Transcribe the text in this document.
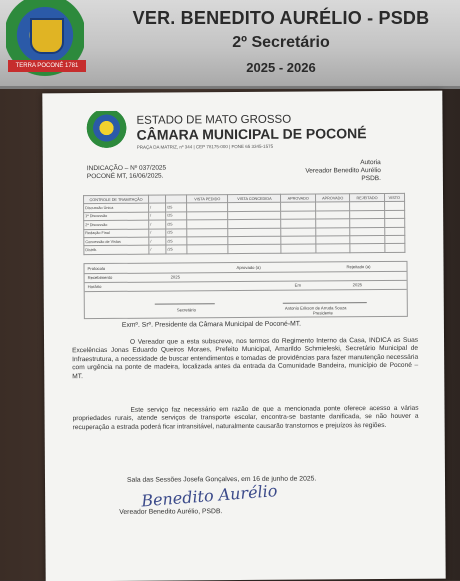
TERRA POCONÉ 1781
VER. BENEDITO AURÉLIO - PSDB
2º Secretário
2025 - 2026
ESTADO DE MATO GROSSO
CÂMARA MUNICIPAL DE POCONÉ
PRAÇA DA MATRIZ, nº 344 | CEP 78175-000 | FONE 65 3345-1575
INDICAÇÃO – Nº 037/2025
POCONÉ MT, 16/06/2025.
Autoria
Vereador Benedito Aurélio
PSDB.
CONTROLE DE TRAMITAÇÃO			VISTA PEDIDO	VISTA CONCEDIDA	APROVADO	APROVADO	REJEITADO	VISTO
Discussão Única	/	/25						
1ª Discussão	/	/25						
2ª Discussão	/	/25						
Redação Final	/	/25						
Concessão de Vistas	/	/25						
Distrib.	/	/25						
Protocolo	Aprovado (a)	Rejeitado (a)
Recebimento	2025
Horário	Em	2025
Secretário	Antonio Erikson de Arruda Souza
Presidente
Exmº. Srº. Presidente da Câmara Municipal de Poconé-MT.
O Vereador que a esta subscreve, nos termos do Regimento Interno da Casa, INDICA as Suas Excelências Jonas Eduardo Queiros Moraes, Prefeito Municipal, Amarildo Schmieleski, Secretário Municipal de Infraestrutura, a necessidade de buscar entendimentos e tomadas de providências para fazer manutenção necessária com urgência na ponte de madeira, localizada antes da entrada da Comunidade Bandeira, município de Poconé – MT.
Este serviço faz necessário em razão de que a mencionada ponte oferece acesso a várias propriedades rurais, atende serviços de transporte escolar, encontra-se bastante danificada, se não houver a recuperação a estrada poderá ficar intransitável, naturalmente causarão transtornos e prejuízos às regiões.
Sala das Sessões Josefa Gonçalves, em 16 de junho de 2025.
Benedito Aurélio
Vereador Benedito Aurélio, PSDB.
